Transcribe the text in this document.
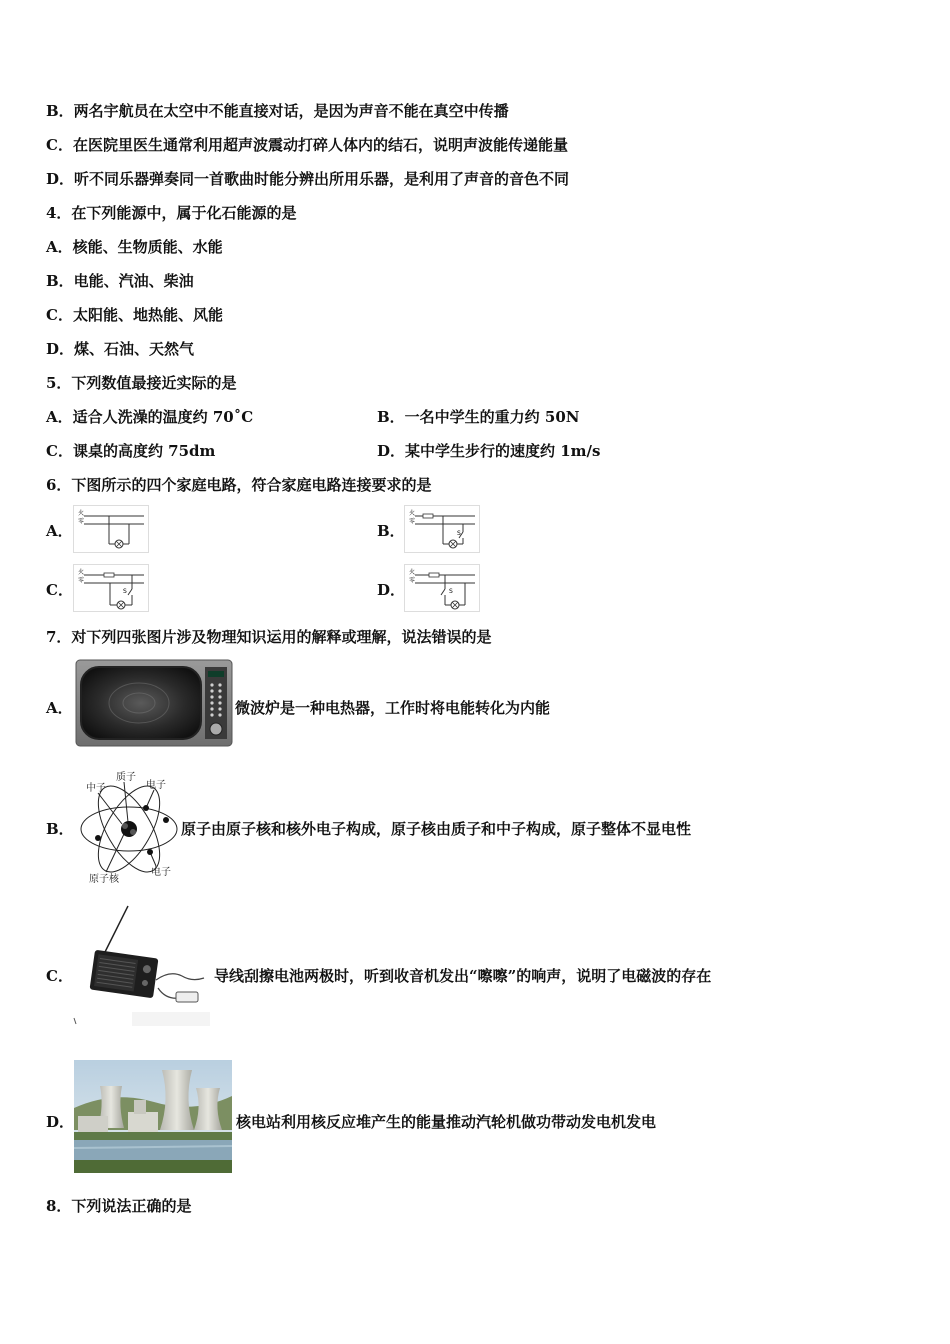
B．两名宇航员在太空中不能直接对话，是因为声音不能在真空中传播
C．在医院里医生通常利用超声波震动打碎人体内的结石，说明声波能传递能量
D．听不同乐器弹奏同一首歌曲时能分辨出所用乐器，是利用了声音的音色不同
4．在下列能源中，属于化石能源的是
A．核能、生物质能、水能
B．电能、汽油、柴油
C．太阳能、地热能、风能
D．煤、石油、天然气
5．下列数值最接近实际的是
A．适合人洗澡的温度约 70˚C	B．一名中学生的重力约 50N
C．课桌的高度约 75dm	D．某中学生步行的速度约 1m/s
6．下图所示的四个家庭电路，符合家庭电路连接要求的是
A．
火
零
B．
火
零
S
C．
火
零
S	D．
火
零
S
7．对下列四张图片涉及物理知识运用的解释或理解，说法错误的是
A．	微波炉是一种电热器，工作时将电能转化为内能
B．
质子
中子	电子
原子核
电子
原子由原子核和核外电子构成，原子核由质子和中子构成，原子整体不显电性
C．	导线刮擦电池两极时，听到收音机发出“嚓嚓”的响声，说明了电磁波的存在
D．	核电站利用核反应堆产生的能量推动汽轮机做功带动发电机发电
8．下列说法正确的是
